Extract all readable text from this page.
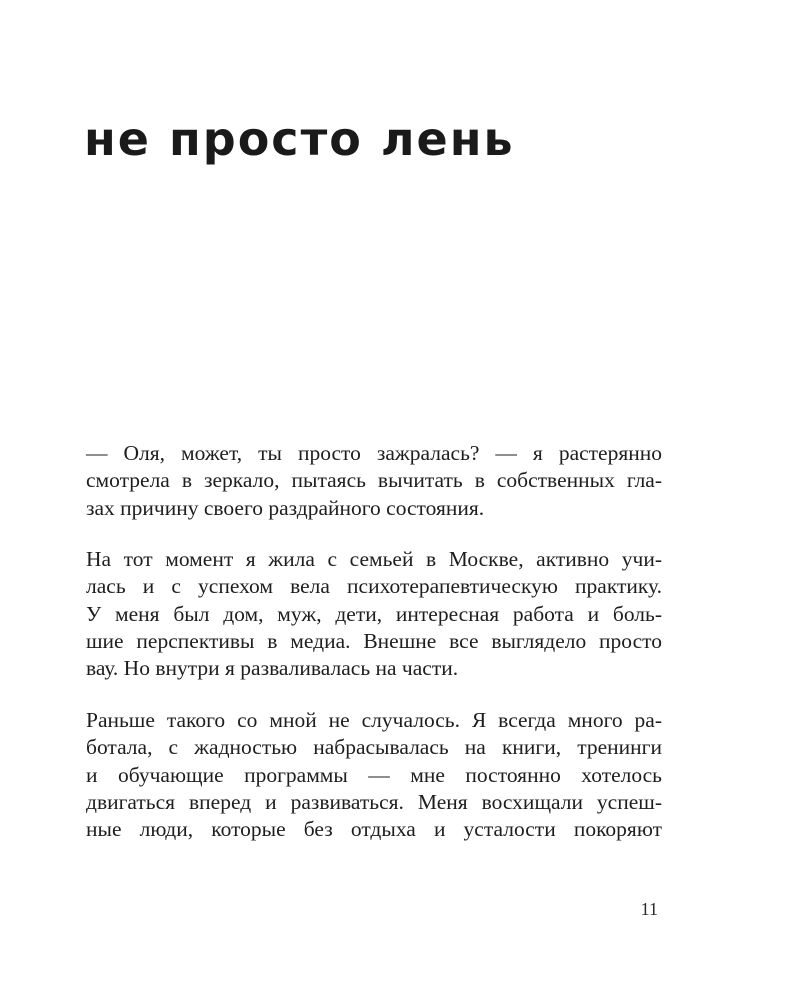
не просто лень
— Оля, может, ты просто зажралась? — я растерянно
смотрела в зеркало, пытаясь вычитать в собственных гла-
зах причину своего раздрайного состояния.
На тот момент я жила с семьей в Москве, активно учи-
лась и с успехом вела психотерапевтическую практику.
У меня был дом, муж, дети, интересная работа и боль-
шие перспективы в медиа. Внешне все выглядело просто
вау. Но внутри я разваливалась на части.
Раньше такого со мной не случалось. Я всегда много ра-
ботала, с жадностью набрасывалась на книги, тренинги
и обучающие программы — мне постоянно хотелось
двигаться вперед и развиваться. Меня восхищали успеш-
ные люди, которые без отдыха и усталости покоряют
11
